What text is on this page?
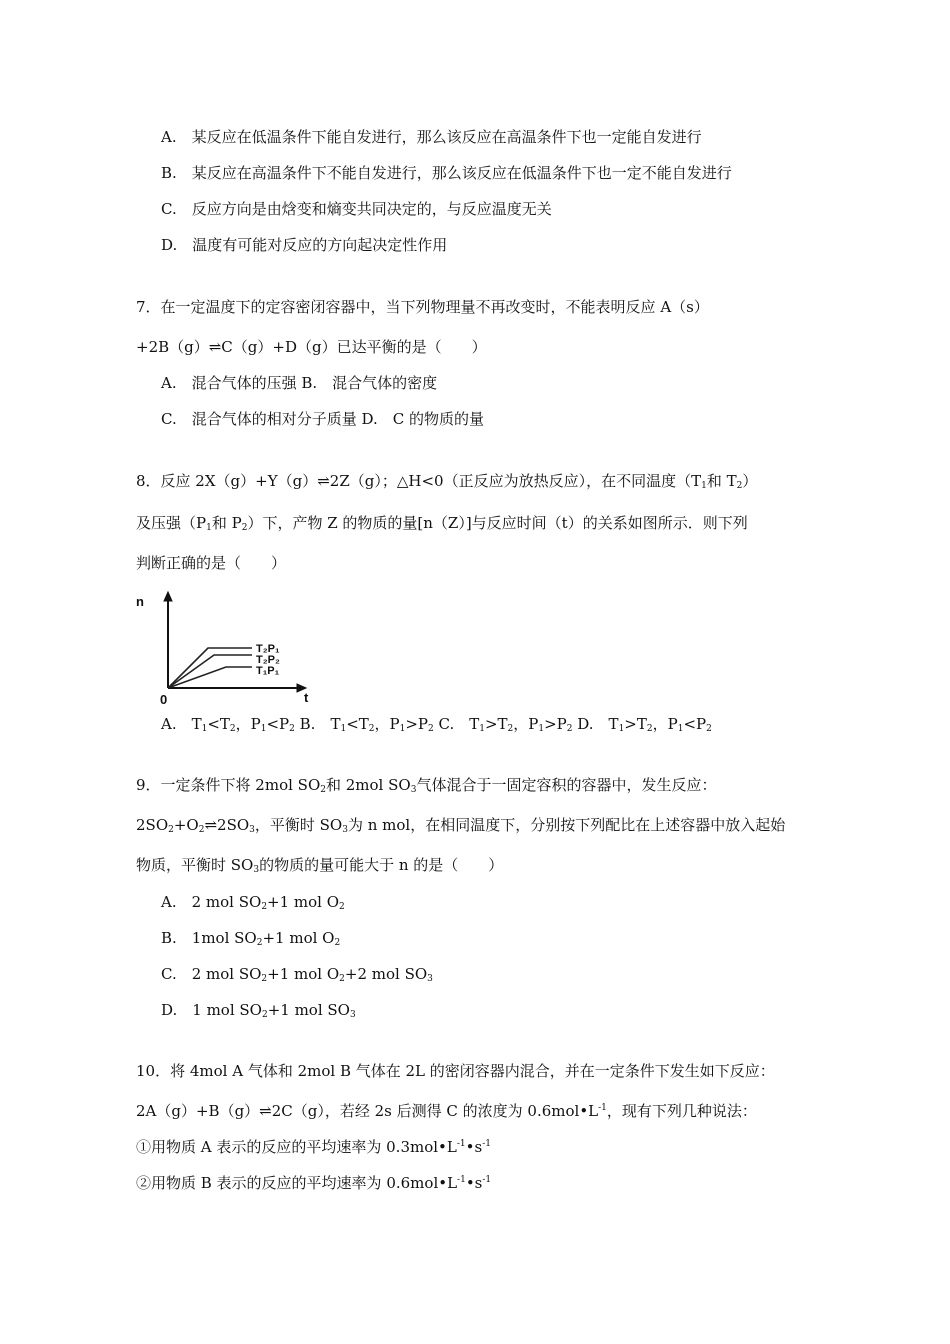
A.　某反应在低温条件下能自发进行，那么该反应在高温条件下也一定能自发进行
B.　某反应在高温条件下不能自发进行，那么该反应在低温条件下也一定不能自发进行
C.　反应方向是由焓变和熵变共同决定的，与反应温度无关
D.　温度有可能对反应的方向起决定性作用
7．在一定温度下的定容密闭容器中，当下列物理量不再改变时，不能表明反应 A（s）
+2B（g）⇌C（g）+D（g）已达平衡的是（　　）
A.　混合气体的压强 B.　混合气体的密度
C.　混合气体的相对分子质量 D.　C 的物质的量
8．反应 2X（g）+Y（g）⇌2Z（g）；△H<0（正反应为放热反应），在不同温度（$T_1$和 $T_2$）
及压强（$P_1$和 $P_2$）下，产物 Z 的物质的量[n（Z）]与反应时间（t）的关系如图所示．则下列
判断正确的是（　　）
n
t
0
T₂P₁
T₂P₂
T₁P₁
A.　$T_1<T_2$，$P_1<P_2$ B.　$T_1<T_2$，$P_1>P_2$ C.　$T_1>T_2$，$P_1>P_2$ D.　$T_1>T_2$，$P_1<P_2$
9．一定条件下将 2mol $SO_2$和 2mol $SO_3$气体混合于一固定容积的容器中，发生反应：
$2SO_2+O_2\rightleftharpoons 2SO_3$，平衡时 $SO_3$为 n mol，在相同温度下，分别按下列配比在上述容器中放入起始
物质，平衡时 $SO_3$的物质的量可能大于 n 的是（　　）
A.　2 mol $SO_2+1$ mol $O_2$
B.　1mol $SO_2+1$ mol $O_2$
C.　2 mol $SO_2+1$ mol $O_2+2$ mol $SO_3$
D.　1 mol $SO_2+1$ mol $SO_3$
10．将 4mol A 气体和 2mol B 气体在 2L 的密闭容器内混合，并在一定条件下发生如下反应：
2A（g）+B（g）⇌2C（g），若经 2s 后测得 C 的浓度为 $0.6mol•L^{-1}$，现有下列几种说法：
①用物质 A 表示的反应的平均速率为 $0.3mol•L^{-1}•s^{-1}$
②用物质 B 表示的反应的平均速率为 $0.6mol•L^{-1}•s^{-1}$
